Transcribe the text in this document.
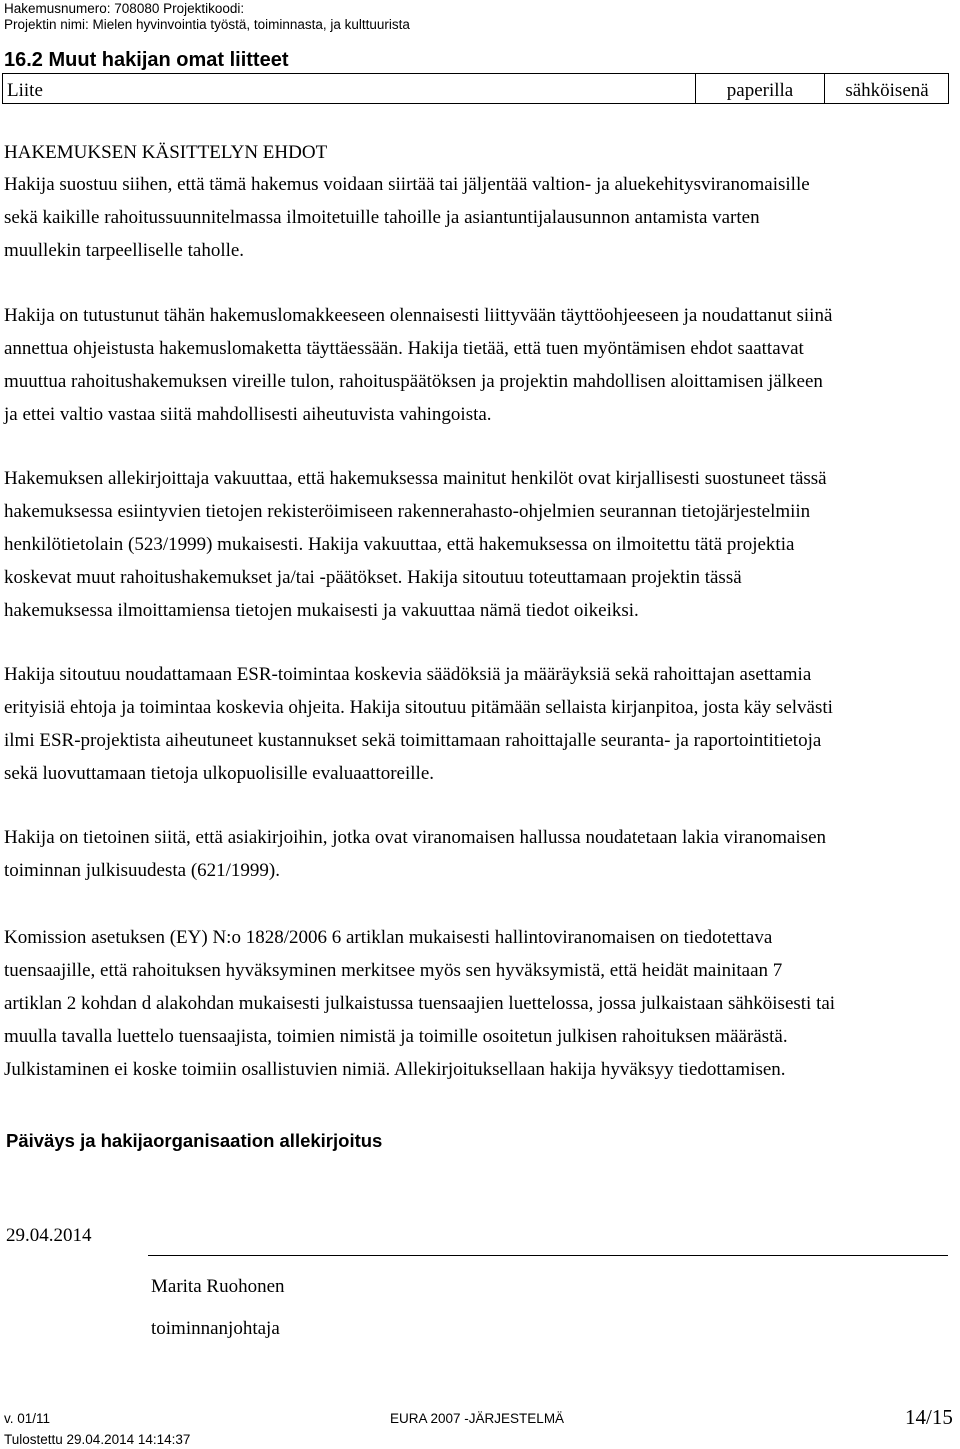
Hakemusnumero: 708080 Projektikoodi:
Projektin nimi: Mielen hyvinvointia työstä, toiminnasta, ja kulttuurista
16.2 Muut hakijan omat liitteet
Liite	paperilla	sähköisenä
HAKEMUKSEN KÄSITTELYN EHDOT
Hakija suostuu siihen, että tämä hakemus voidaan siirtää tai jäljentää valtion- ja aluekehitysviranomaisille
sekä kaikille rahoitussuunnitelmassa ilmoitetuille tahoille ja asiantuntijalausunnon antamista varten
muullekin tarpeelliselle taholle.
Hakija on tutustunut tähän hakemuslomakkeeseen olennaisesti liittyvään täyttöohjeeseen ja noudattanut siinä
annettua ohjeistusta hakemuslomaketta täyttäessään. Hakija tietää, että tuen myöntämisen ehdot saattavat
muuttua rahoitushakemuksen vireille tulon, rahoituspäätöksen ja projektin mahdollisen aloittamisen jälkeen
ja ettei valtio vastaa siitä mahdollisesti aiheutuvista vahingoista.
Hakemuksen allekirjoittaja vakuuttaa, että hakemuksessa mainitut henkilöt ovat kirjallisesti suostuneet tässä
hakemuksessa esiintyvien tietojen rekisteröimiseen rakennerahasto-ohjelmien seurannan tietojärjestelmiin
henkilötietolain (523/1999) mukaisesti. Hakija vakuuttaa, että hakemuksessa on ilmoitettu tätä projektia
koskevat muut rahoitushakemukset ja/tai -päätökset. Hakija sitoutuu toteuttamaan projektin tässä
hakemuksessa ilmoittamiensa tietojen mukaisesti ja vakuuttaa nämä tiedot oikeiksi.
Hakija sitoutuu noudattamaan ESR-toimintaa koskevia säädöksiä ja määräyksiä sekä rahoittajan asettamia
erityisiä ehtoja ja toimintaa koskevia ohjeita. Hakija sitoutuu pitämään sellaista kirjanpitoa, josta käy selvästi
ilmi ESR-projektista aiheutuneet kustannukset sekä toimittamaan rahoittajalle seuranta- ja raportointitietoja
sekä luovuttamaan tietoja ulkopuolisille evaluaattoreille.
Hakija on tietoinen siitä, että asiakirjoihin, jotka ovat viranomaisen hallussa noudatetaan lakia viranomaisen
toiminnan julkisuudesta (621/1999).
Komission asetuksen (EY) N:o 1828/2006 6 artiklan mukaisesti hallintoviranomaisen on tiedotettava
tuensaajille, että rahoituksen hyväksyminen merkitsee myös sen hyväksymistä, että heidät mainitaan 7
artiklan 2 kohdan d alakohdan mukaisesti julkaistussa tuensaajien luettelossa, jossa julkaistaan sähköisesti tai
muulla tavalla luettelo tuensaajista, toimien nimistä ja toimille osoitetun julkisen rahoituksen määrästä.
Julkistaminen ei koske toimiin osallistuvien nimiä. Allekirjoituksellaan hakija hyväksyy tiedottamisen.
Päiväys ja hakijaorganisaation allekirjoitus
29.04.2014
Marita Ruohonen
toiminnanjohtaja
v. 01/11	EURA 2007 -JÄRJESTELMÄ	14/15
Tulostettu 29.04.2014 14:14:37
